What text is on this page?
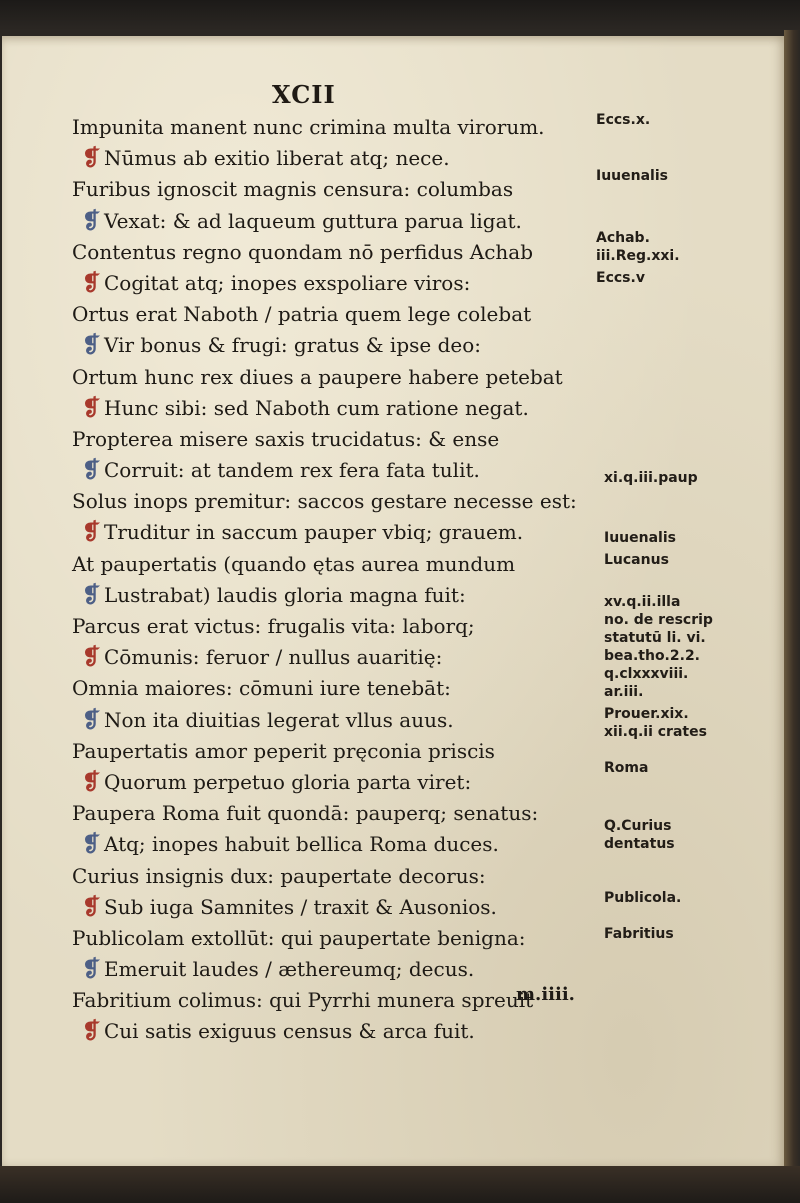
XCII
Impunita manent nunc crimina multa virorum.
❡ Nūmus ab exitio liberat atq; nece.
Furibus ignoscit magnis censura: columbas
❡ Vexat: & ad laqueum guttura parua ligat.
Contentus regno quondam nō perfidus Achab
❡ Cogitat atq; inopes exspoliare viros:
Ortus erat Naboth / patria quem lege colebat
❡ Vir bonus & frugi: gratus & ipse deo:
Ortum hunc rex diues a paupere habere petebat
❡ Hunc sibi: sed Naboth cum ratione negat.
Propterea misere saxis trucidatus: & ense
❡ Corruit: at tandem rex fera fata tulit.
Solus inops premitur: saccos gestare necesse est:
❡ Truditur in saccum pauper vbiq; grauem.
At paupertatis (quando ętas aurea mundum
❡ Lustrabat) laudis gloria magna fuit:
Parcus erat victus: frugalis vita: laborq;
❡ Cōmunis: feruor / nullus auaritię:
Omnia maiores: cōmuni iure tenebāt:
❡ Non ita diuitias legerat vllus auus.
Paupertatis amor peperit pręconia priscis
❡ Quorum perpetuo gloria parta viret:
Paupera Roma fuit quondā: pauperq; senatus:
❡ Atq; inopes habuit bellica Roma duces.
Curius insignis dux: paupertate decorus:
❡ Sub iuga Samnites / traxit & Ausonios.
Publicolam extollūt: qui paupertate benigna:
❡ Emeruit laudes / æthereumq; decus.
Fabritium colimus: qui Pyrrhi munera spreuit
❡ Cui satis exiguus census & arca fuit.
Eccs.x.
Iuuenalis
Achab.
iii.Reg.xxi.
Eccs.v
xi.q.iii.paup
Iuuenalis
Lucanus
xv.q.ii.illa
no. de rescrip
statutū li. vi.
bea.tho.2.2.
q.clxxxviii.
ar.iii.
Prouer.xix.
xii.q.ii crates
Roma
Q.Curius
dentatus
Publicola.
Fabritius
m.iiii.
